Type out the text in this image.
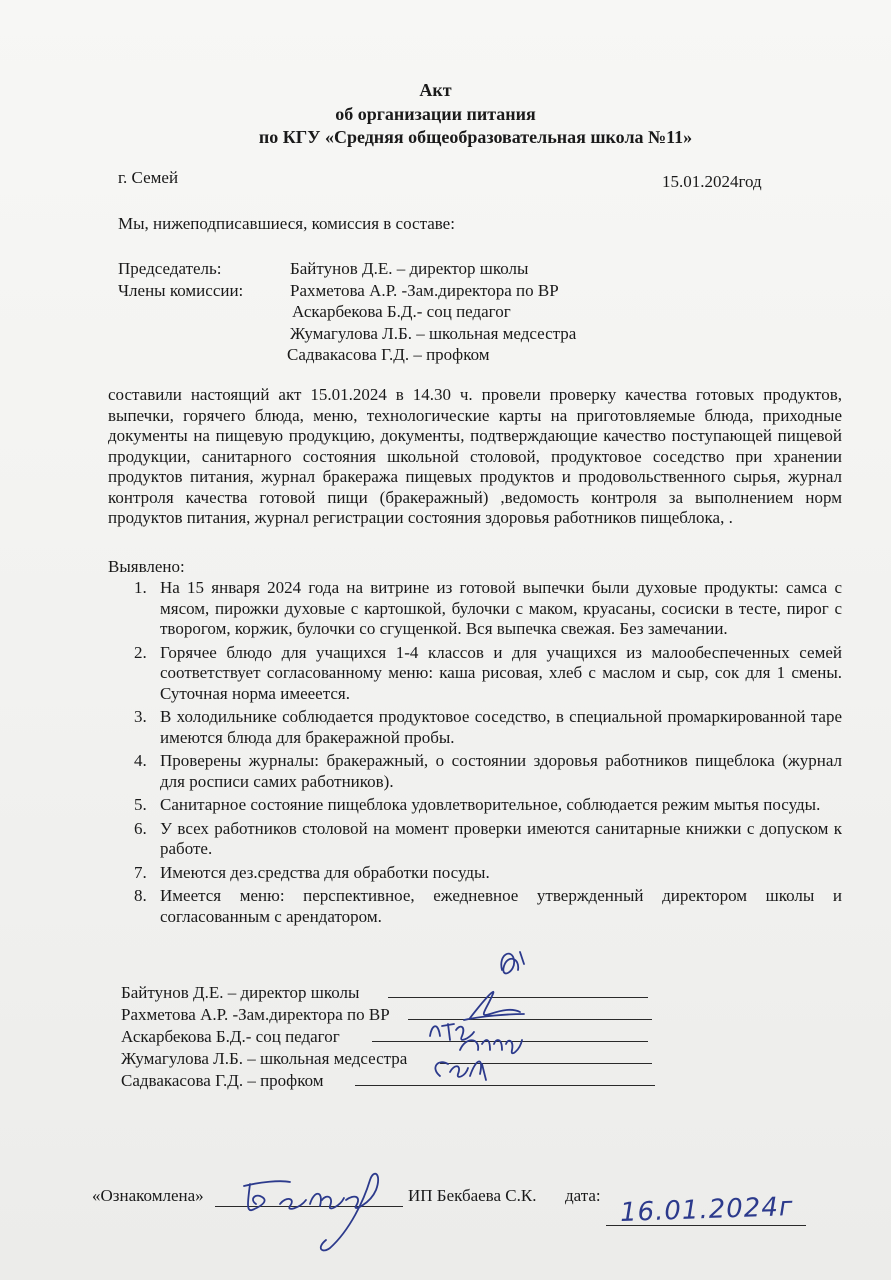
Акт
об организации питания
по КГУ «Средняя общеобразовательная школа №11»
г. Семей	15.01.2024год
Мы, нижеподписавшиеся, комиссия в составе:
Председатель:	Байтунов Д.Е. – директор школы
Члены комиссии:	Рахметова А.Р. -Зам.директора по ВР
Аскарбекова Б.Д.- соц педагог
Жумагулова Л.Б. – школьная медсестра
Садвакасова Г.Д. – профком
составили настоящий акт 15.01.2024 в 14.30 ч. провели проверку качества готовых продуктов, выпечки, горячего блюда, меню, технологические карты на приготовляемые блюда, приходные документы на пищевую продукцию, документы, подтверждающие качество поступающей пищевой продукции, санитарного состояния школьной столовой, продуктовое соседство при хранении продуктов питания, журнал бракеража пищевых продуктов и продовольственного сырья, журнал контроля качества готовой пищи (бракеражный) ,ведомость контроля за выполнением норм продуктов питания, журнал регистрации состояния здоровья работников пищеблока, .
Выявлено:
1. На 15 января 2024 года на витрине из готовой выпечки были духовые продукты: самса с мясом, пирожки духовые с картошкой, булочки с маком, круасаны, сосиски в тесте, пирог с творогом, коржик, булочки со сгущенкой. Вся выпечка свежая. Без замечании.
2. Горячее блюдо для учащихся 1-4 классов и для учащихся из малообеспеченных семей соответствует согласованному меню: каша рисовая, хлеб с маслом и сыр, сок для 1 смены. Суточная норма имееется.
3. В холодильнике соблюдается продуктовое соседство, в специальной промаркированной таре имеются блюда для бракеражной пробы.
4. Проверены журналы: бракеражный, о состоянии здоровья работников пищеблока (журнал для росписи самих работников).
5. Санитарное состояние пищеблока удовлетворительное, соблюдается режим мытья посуды.
6. У всех работников столовой на момент проверки имеются санитарные книжки с допуском к работе.
7. Имеются дез.средства для обработки посуды.
8. Имеется меню: перспективное, ежедневное утвержденный директором школы и согласованным с арендатором.
Байтунов Д.Е. – директор школы
Рахметова А.Р. -Зам.директора по ВР
Аскарбекова Б.Д.- соц педагог
Жумагулова Л.Б. – школьная медсестра
Садвакасова Г.Д. – профком
«Ознакомлена»	ИП Бекбаева С.К. дата: 16.01.2024г
